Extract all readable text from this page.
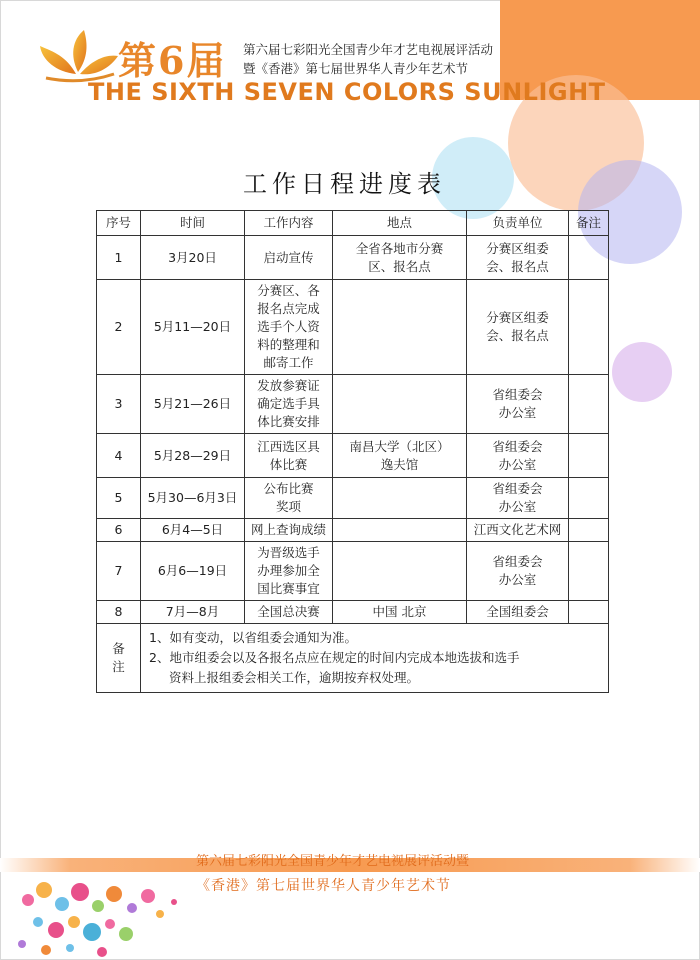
第6届 第六届七彩阳光全国青少年才艺电视展评活动
暨《香港》第七届世界华人青少年艺术节
THE SIXTH SEVEN COLORS SUNLIGHT
工作日程进度表
序号	时间	工作内容	地点	负责单位	备注
1	3月20日	启动宣传	全省各地市分赛
区、报名点	分赛区组委
会、报名点	
2	5月11—20日	分赛区、各
报名点完成
选手个人资
料的整理和
邮寄工作		分赛区组委
会、报名点	
3	5月21—26日	发放参赛证
确定选手具
体比赛安排		省组委会
办公室	
4	5月28—29日	江西选区具
体比赛	南昌大学（北区）
逸夫馆	省组委会
办公室	
5	5月30—6月3日	公布比赛
奖项		省组委会
办公室	
6	6月4—5日	网上查询成绩		江西文化艺术网	
7	6月6—19日	为晋级选手
办理参加全
国比赛事宜		省组委会
办公室	
8	7月—8月	全国总决赛	中国 北京	全国组委会	
备
注	1、如有变动，以省组委会通知为准。
2、地市组委会以及各报名点应在规定的时间内完成本地选拔和选手
资料上报组委会相关工作，逾期按弃权处理。				
第六届七彩阳光全国青少年才艺电视展评活动暨
《香港》第七届世界华人青少年艺术节
